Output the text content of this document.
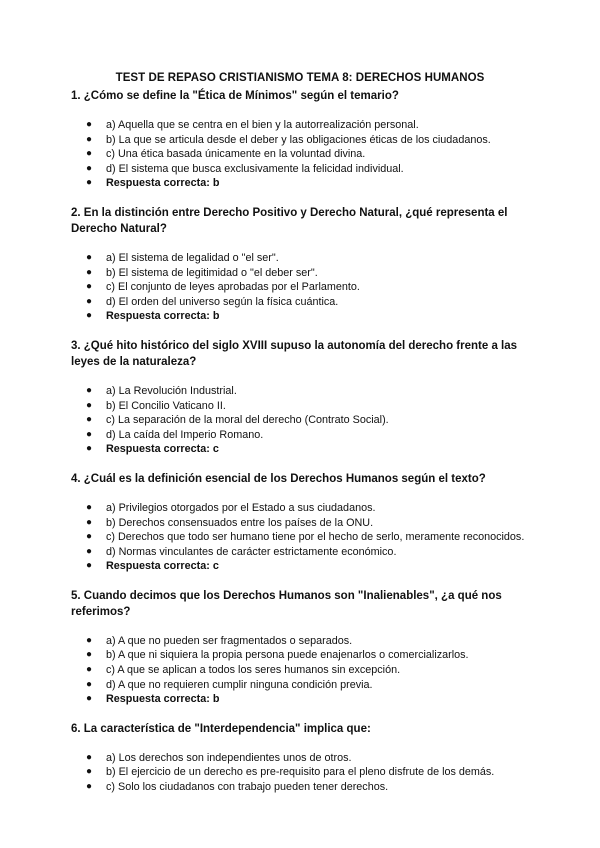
TEST DE REPASO CRISTIANISMO TEMA 8: DERECHOS HUMANOS

1. ¿Cómo se define la "Ética de Mínimos" según el temario?

● a) Aquella que se centra en el bien y la autorrealización personal.
● b) La que se articula desde el deber y las obligaciones éticas de los ciudadanos.
● c) Una ética basada únicamente en la voluntad divina.
● d) El sistema que busca exclusivamente la felicidad individual.
● Respuesta correcta: b

2. En la distinción entre Derecho Positivo y Derecho Natural, ¿qué representa el Derecho Natural?

● a) El sistema de legalidad o "el ser".
● b) El sistema de legitimidad o "el deber ser".
● c) El conjunto de leyes aprobadas por el Parlamento.
● d) El orden del universo según la física cuántica.
● Respuesta correcta: b

3. ¿Qué hito histórico del siglo XVIII supuso la autonomía del derecho frente a las leyes de la naturaleza?

● a) La Revolución Industrial.
● b) El Concilio Vaticano II.
● c) La separación de la moral del derecho (Contrato Social).
● d) La caída del Imperio Romano.
● Respuesta correcta: c

4. ¿Cuál es la definición esencial de los Derechos Humanos según el texto?

● a) Privilegios otorgados por el Estado a sus ciudadanos.
● b) Derechos consensuados entre los países de la ONU.
● c) Derechos que todo ser humano tiene por el hecho de serlo, meramente reconocidos.
● d) Normas vinculantes de carácter estrictamente económico.
● Respuesta correcta: c

5. Cuando decimos que los Derechos Humanos son "Inalienables", ¿a qué nos referimos?

● a) A que no pueden ser fragmentados o separados.
● b) A que ni siquiera la propia persona puede enajenarlos o comercializarlos.
● c) A que se aplican a todos los seres humanos sin excepción.
● d) A que no requieren cumplir ninguna condición previa.
● Respuesta correcta: b

6. La característica de "Interdependencia" implica que:

● a) Los derechos son independientes unos de otros.
● b) El ejercicio de un derecho es pre-requisito para el pleno disfrute de los demás.
● c) Solo los ciudadanos con trabajo pueden tener derechos.
